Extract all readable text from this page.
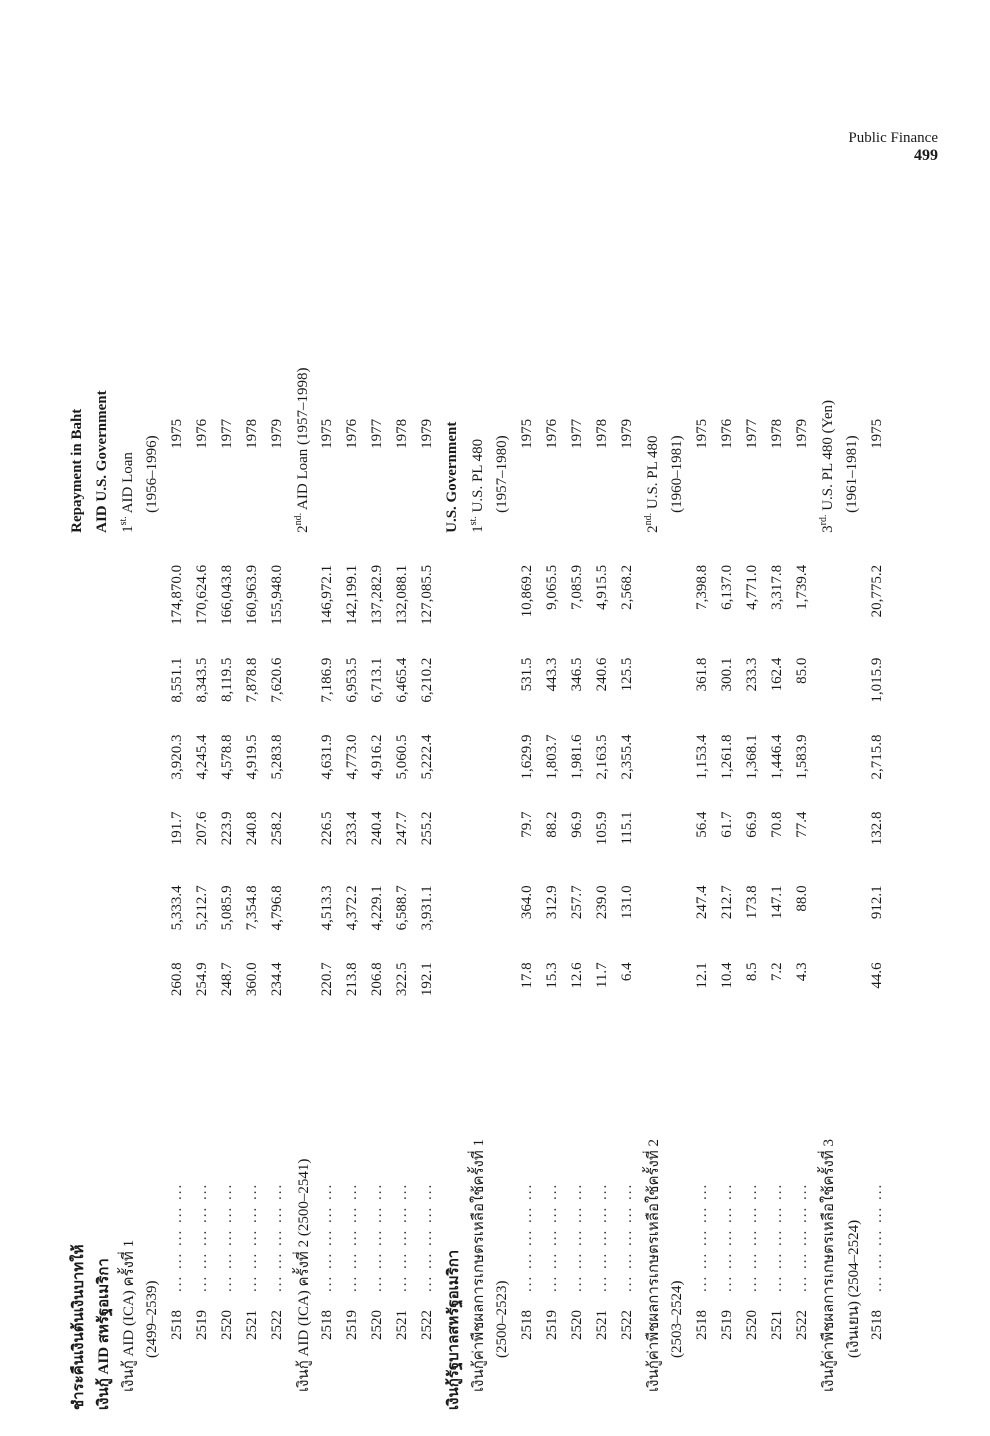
Public Finance
499
ชำระคืนเงินต้นเงินบาทให้							Repayment in Baht
เงินกู้ AID สหรัฐอเมริกา							AID U.S. Government
เงินกู้ AID (ICA) ครั้งที่ 1							$1^{st.}$ AID Loan
(2499–2539)							(1956–1996)
2518... ... ... ... ...	260.8	5,333.4	191.7	3,920.3	8,551.1	174,870.0	1975
2519... ... ... ... ...	254.9	5,212.7	207.6	4,245.4	8,343.5	170,624.6	1976
2520... ... ... ... ...	248.7	5,085.9	223.9	4,578.8	8,119.5	166,043.8	1977
2521... ... ... ... ...	360.0	7,354.8	240.8	4,919.5	7,878.8	160,963.9	1978
2522... ... ... ... ...	234.4	4,796.8	258.2	5,283.8	7,620.6	155,948.0	1979
เงินกู้ AID (ICA) ครั้งที่ 2 (2500–2541)							$2^{nd.}$ AID Loan (1957–1998)
2518... ... ... ... ...	220.7	4,513.3	226.5	4,631.9	7,186.9	146,972.1	1975
2519... ... ... ... ...	213.8	4,372.2	233.4	4,773.0	6,953.5	142,199.1	1976
2520... ... ... ... ...	206.8	4,229.1	240.4	4,916.2	6,713.1	137,282.9	1977
2521... ... ... ... ...	322.5	6,588.7	247.7	5,060.5	6,465.4	132,088.1	1978
2522... ... ... ... ...	192.1	3,931.1	255.2	5,222.4	6,210.2	127,085.5	1979
เงินกู้รัฐบาลสหรัฐอเมริกา							U.S. Government
เงินกู้ค่าพืชผลการเกษตรเหลือใช้ครั้งที่ 1							$1^{st.}$ U.S. PL 480
(2500–2523)							(1957–1980)
2518... ... ... ... ...	17.8	364.0	79.7	1,629.9	531.5	10,869.2	1975
2519... ... ... ... ...	15.3	312.9	88.2	1,803.7	443.3	9,065.5	1976
2520... ... ... ... ...	12.6	257.7	96.9	1,981.6	346.5	7,085.9	1977
2521... ... ... ... ...	11.7	239.0	105.9	2,163.5	240.6	4,915.5	1978
2522... ... ... ... ...	6.4	131.0	115.1	2,355.4	125.5	2,568.2	1979
เงินกู้ค่าพืชผลการเกษตรเหลือใช้ครั้งที่ 2							$2^{nd.}$ U.S. PL 480
(2503–2524)							(1960–1981)
2518... ... ... ... ...	12.1	247.4	56.4	1,153.4	361.8	7,398.8	1975
2519... ... ... ... ...	10.4	212.7	61.7	1,261.8	300.1	6,137.0	1976
2520... ... ... ... ...	8.5	173.8	66.9	1,368.1	233.3	4,771.0	1977
2521... ... ... ... ...	7.2	147.1	70.8	1,446.4	162.4	3,317.8	1978
2522... ... ... ... ...	4.3	88.0	77.4	1,583.9	85.0	1,739.4	1979
เงินกู้ค่าพืชผลการเกษตรเหลือใช้ครั้งที่ 3							$3^{rd.}$ U.S. PL 480 (Yen)
(เงินเยน) (2504–2524)							(1961–1981)
2518... ... ... ... ...	44.6	912.1	132.8	2,715.8	1,015.9	20,775.2	1975
